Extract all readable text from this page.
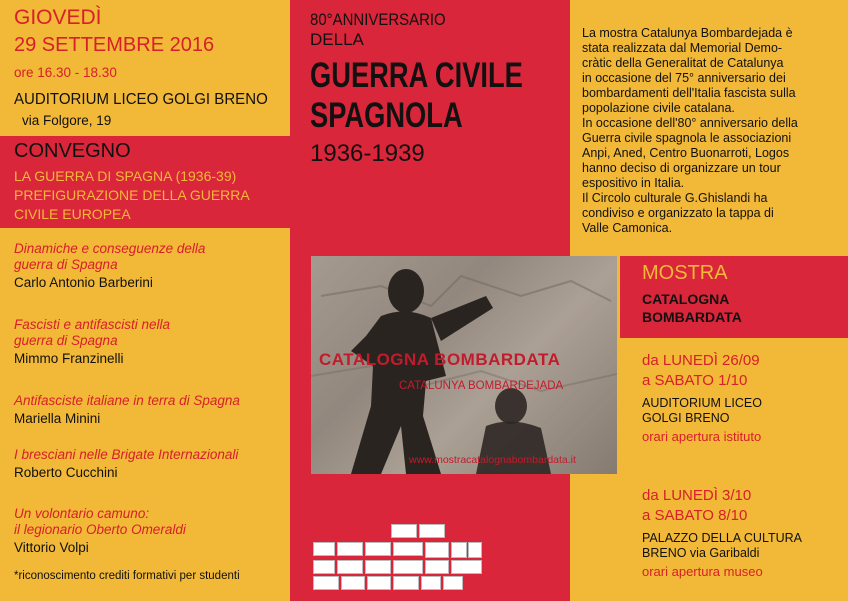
GIOVEDÌ
29 SETTEMBRE 2016
ore 16.30 - 18.30
AUDITORIUM LICEO GOLGI BRENO
via Folgore, 19
CONVEGNO
LA GUERRA DI SPAGNA (1936-39)
PREFIGURAZIONE DELLA GUERRA
CIVILE EUROPEA
Dinamiche e conseguenze della
guerra di Spagna
Carlo Antonio Barberini
Fascisti e antifascisti nella
guerra di Spagna
Mimmo Franzinelli
Antifasciste italiane in terra di Spagna
Mariella Minini
I bresciani nelle Brigate Internazionali
Roberto Cucchini
Un volontario camuno:
il legionario Oberto Omeraldi
Vittorio Volpi
*riconoscimento crediti formativi per studenti
80°ANNIVERSARIO
DELLA
GUERRA CIVILE
SPAGNOLA
1936-1939
CATALOGNA BOMBARDATA
CATALUNYA BOMBARDEJADA
www.mostracatalognabombardata.it
La mostra Catalunya Bombardejada è
stata realizzata dal Memorial Demo-
cràtic della Generalitat de Catalunya
in occasione del 75° anniversario dei
bombardamenti dell'Italia fascista sulla
popolazione civile catalana.
In occasione dell'80° anniversario della
Guerra civile spagnola le associazioni
Anpi, Aned, Centro Buonarroti, Logos
hanno deciso di organizzare un tour
espositivo in Italia.
Il Circolo culturale G.Ghislandi ha
condiviso e organizzato la tappa di
Valle Camonica.
MOSTRA
CATALOGNA
BOMBARDATA
da LUNEDÌ 26/09
a SABATO 1/10
AUDITORIUM LICEO
GOLGI BRENO
orari apertura istituto
da LUNEDÌ 3/10
a SABATO 8/10
PALAZZO DELLA CULTURA
BRENO via Garibaldi
orari apertura museo
